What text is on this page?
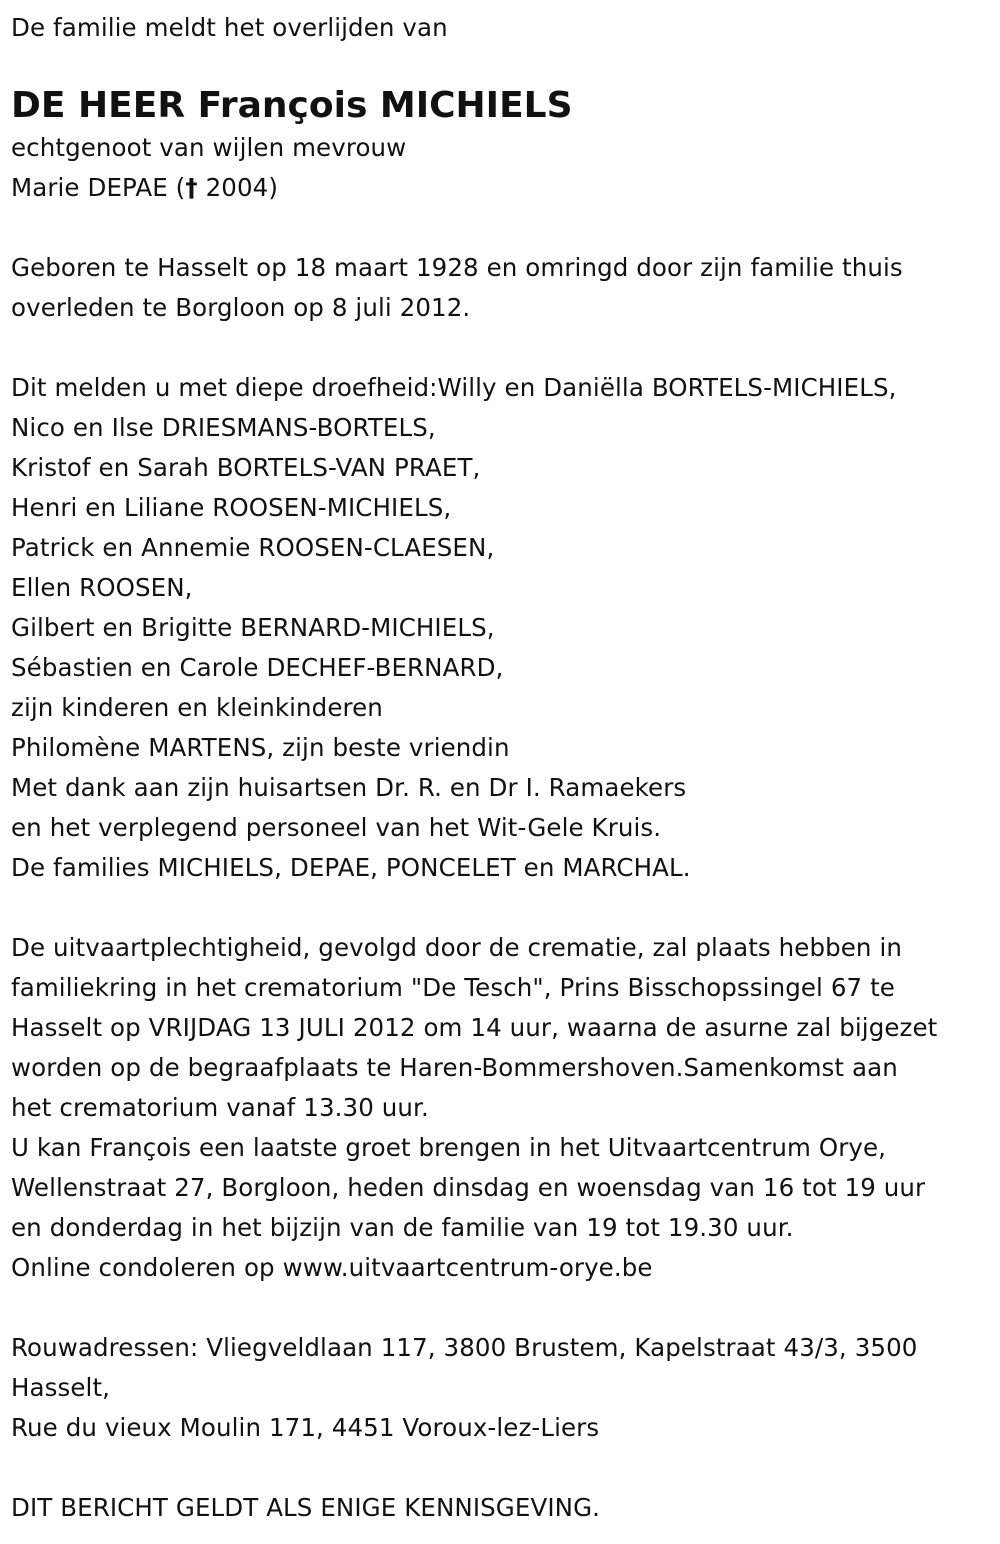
De familie meldt het overlijden van
DE HEER François MICHIELS
echtgenoot van wijlen mevrouw
Marie DEPAE († 2004)
Geboren te Hasselt op 18 maart 1928 en omringd door zijn familie thuis
overleden te Borgloon op 8 juli 2012.
Dit melden u met diepe droefheid:Willy en Daniëlla BORTELS-MICHIELS,
Nico en Ilse DRIESMANS-BORTELS,
Kristof en Sarah BORTELS-VAN PRAET,
Henri en Liliane ROOSEN-MICHIELS,
Patrick en Annemie ROOSEN-CLAESEN,
Ellen ROOSEN,
Gilbert en Brigitte BERNARD-MICHIELS,
Sébastien en Carole DECHEF-BERNARD,
zijn kinderen en kleinkinderen
Philomène MARTENS, zijn beste vriendin
Met dank aan zijn huisartsen Dr. R. en Dr I. Ramaekers
en het verplegend personeel van het Wit-Gele Kruis.
De families MICHIELS, DEPAE, PONCELET en MARCHAL.
De uitvaartplechtigheid, gevolgd door de crematie, zal plaats hebben in
familiekring in het crematorium "De Tesch", Prins Bisschopssingel 67 te
Hasselt op VRIJDAG 13 JULI 2012 om 14 uur, waarna de asurne zal bijgezet
worden op de begraafplaats te Haren-Bommershoven.Samenkomst aan
het crematorium vanaf 13.30 uur.
U kan François een laatste groet brengen in het Uitvaartcentrum Orye,
Wellenstraat 27, Borgloon, heden dinsdag en woensdag van 16 tot 19 uur
en donderdag in het bijzijn van de familie van 19 tot 19.30 uur.
Online condoleren op www.uitvaartcentrum-orye.be
Rouwadressen: Vliegveldlaan 117, 3800 Brustem, Kapelstraat 43/3, 3500
Hasselt,
Rue du vieux Moulin 171, 4451 Voroux-lez-Liers
DIT BERICHT GELDT ALS ENIGE KENNISGEVING.
